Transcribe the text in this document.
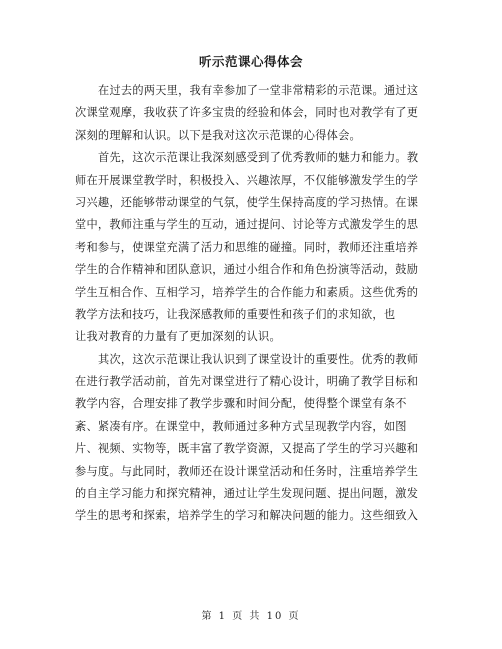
听示范课心得体会
在过去的两天里，我有幸参加了一堂非常精彩的示范课。通过这
次课堂观摩，我收获了许多宝贵的经验和体会，同时也对教学有了更
深刻的理解和认识。以下是我对这次示范课的心得体会。
首先，这次示范课让我深刻感受到了优秀教师的魅力和能力。教
师在开展课堂教学时，积极投入、兴趣浓厚，不仅能够激发学生的学
习兴趣，还能够带动课堂的气氛，使学生保持高度的学习热情。在课
堂中，教师注重与学生的互动，通过提问、讨论等方式激发学生的思
考和参与，使课堂充满了活力和思维的碰撞。同时，教师还注重培养
学生的合作精神和团队意识，通过小组合作和角色扮演等活动，鼓励
学生互相合作、互相学习，培养学生的合作能力和素质。这些优秀的
教学方法和技巧，让我深感教师的重要性和孩子们的求知欲，也
让我对教育的力量有了更加深刻的认识。
其次，这次示范课让我认识到了课堂设计的重要性。优秀的教师
在进行教学活动前，首先对课堂进行了精心设计，明确了教学目标和
教学内容，合理安排了教学步骤和时间分配，使得整个课堂有条不
紊、紧凑有序。在课堂中，教师通过多种方式呈现教学内容，如图
片、视频、实物等，既丰富了教学资源，又提高了学生的学习兴趣和
参与度。与此同时，教师还在设计课堂活动和任务时，注重培养学生
的自主学习能力和探究精神，通过让学生发现问题、提出问题，激发
学生的思考和探索，培养学生的学习和解决问题的能力。这些细致入
第 1 页 共 10 页
